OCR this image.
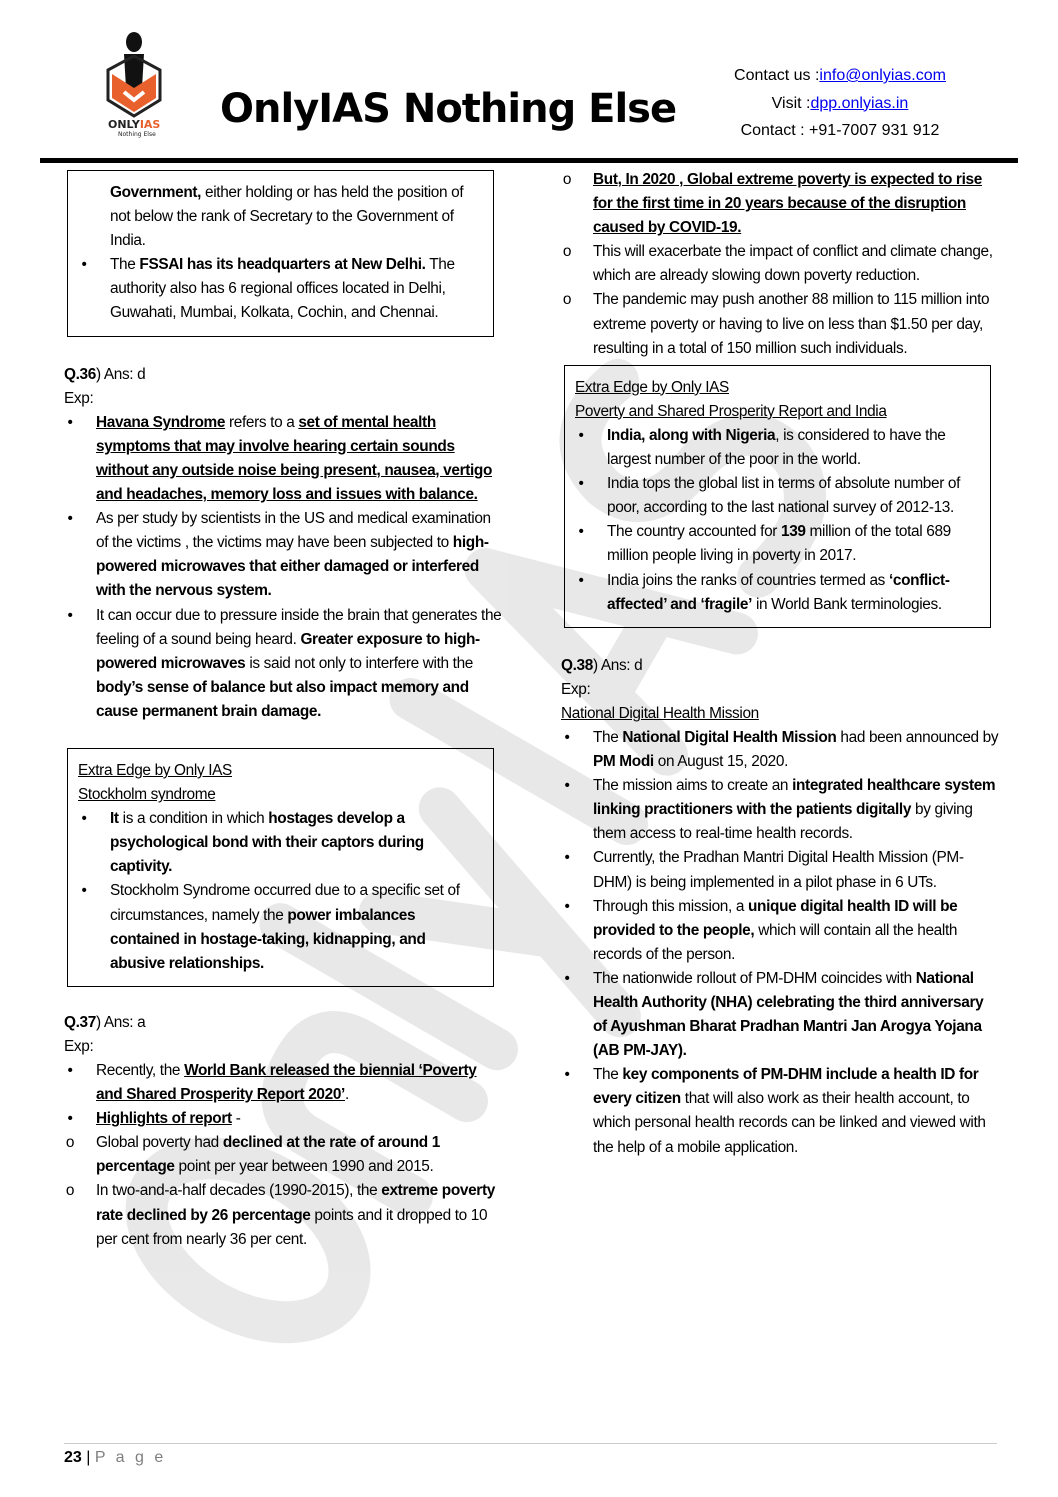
ONLYIAS
Nothing Else
OnlyIAS Nothing Else
Contact us :info@onlyias.com
Visit :dpp.onlyias.in
Contact : +91-7007 931 912
Government, either holding or has held the position of not below the rank of Secretary to the Government of India.
• The FSSAI has its headquarters at New Delhi. The authority also has 6 regional offices located in Delhi, Guwahati, Mumbai, Kolkata, Cochin, and Chennai.
Q.36) Ans: d
Exp:
• Havana Syndrome refers to a set of mental health symptoms that may involve hearing certain sounds without any outside noise being present, nausea, vertigo and headaches, memory loss and issues with balance.
• As per study by scientists in the US and medical examination of the victims , the victims may have been subjected to high-powered microwaves that either damaged or interfered with the nervous system.
• It can occur due to pressure inside the brain that generates the feeling of a sound being heard. Greater exposure to high-powered microwaves is said not only to interfere with the body’s sense of balance but also impact memory and cause permanent brain damage.
Extra Edge by Only IAS
Stockholm syndrome
• It is a condition in which hostages develop a psychological bond with their captors during captivity.
• Stockholm Syndrome occurred due to a specific set of circumstances, namely the power imbalances contained in hostage-taking, kidnapping, and abusive relationships.
Q.37) Ans: a
Exp:
• Recently, the World Bank released the biennial ‘Poverty and Shared Prosperity Report 2020’.
• Highlights of report -
o Global poverty had declined at the rate of around 1 percentage point per year between 1990 and 2015.
o In two-and-a-half decades (1990-2015), the extreme poverty rate declined by 26 percentage points and it dropped to 10 per cent from nearly 36 per cent.
o But, In 2020 , Global extreme poverty is expected to rise for the first time in 20 years because of the disruption caused by COVID-19.
o This will exacerbate the impact of conflict and climate change, which are already slowing down poverty reduction.
o The pandemic may push another 88 million to 115 million into extreme poverty or having to live on less than $1.50 per day, resulting in a total of 150 million such individuals.
Extra Edge by Only IAS
Poverty and Shared Prosperity Report and India
• India, along with Nigeria, is considered to have the largest number of the poor in the world.
• India tops the global list in terms of absolute number of poor, according to the last national survey of 2012-13.
• The country accounted for 139 million of the total 689 million people living in poverty in 2017.
• India joins the ranks of countries termed as ‘conflict-affected’ and ‘fragile’ in World Bank terminologies.
Q.38) Ans: d
Exp:
National Digital Health Mission
• The National Digital Health Mission had been announced by PM Modi on August 15, 2020.
• The mission aims to create an integrated healthcare system linking practitioners with the patients digitally by giving them access to real-time health records.
• Currently, the Pradhan Mantri Digital Health Mission (PM-DHM) is being implemented in a pilot phase in 6 UTs.
• Through this mission, a unique digital health ID will be provided to the people, which will contain all the health records of the person.
• The nationwide rollout of PM-DHM coincides with National Health Authority (NHA) celebrating the third anniversary of Ayushman Bharat Pradhan Mantri Jan Arogya Yojana (AB PM-JAY).
• The key components of PM-DHM include a health ID for every citizen that will also work as their health account, to which personal health records can be linked and viewed with the help of a mobile application.
23 | P a g e
